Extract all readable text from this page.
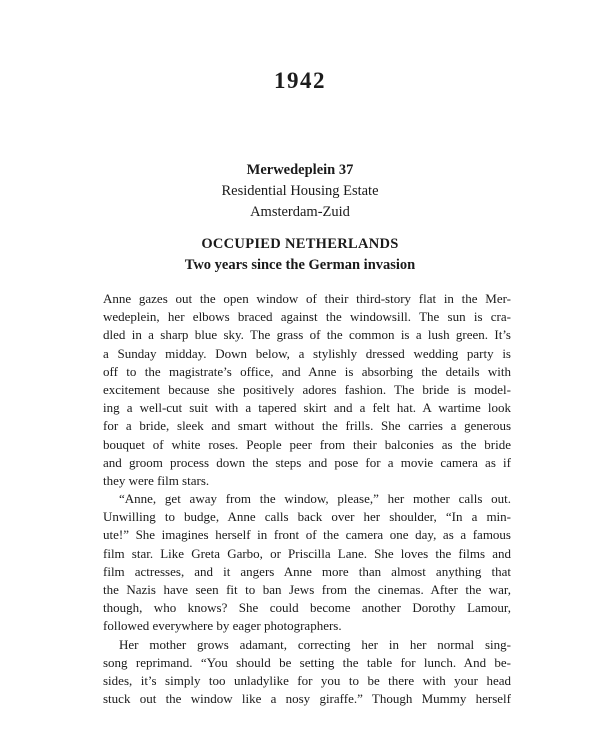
1942
Merwedeplein 37
Residential Housing Estate
Amsterdam-Zuid
OCCUPIED NETHERLANDS
Two years since the German invasion
Anne gazes out the open window of their third-story flat in the Mer-
wedeplein, her elbows braced against the windowsill. The sun is cra-
dled in a sharp blue sky. The grass of the common is a lush green. It’s
a Sunday midday. Down below, a stylishly dressed wedding party is
off to the magistrate’s office, and Anne is absorbing the details with
excitement because she positively adores fashion. The bride is model-
ing a well-cut suit with a tapered skirt and a felt hat. A wartime look
for a bride, sleek and smart without the frills. She carries a generous
bouquet of white roses. People peer from their balconies as the bride
and groom process down the steps and pose for a movie camera as if
they were film stars.
“Anne, get away from the window, please,” her mother calls out.
Unwilling to budge, Anne calls back over her shoulder, “In a min-
ute!” She imagines herself in front of the camera one day, as a famous
film star. Like Greta Garbo, or Priscilla Lane. She loves the films and
film actresses, and it angers Anne more than almost anything that
the Nazis have seen fit to ban Jews from the cinemas. After the war,
though, who knows? She could become another Dorothy Lamour,
followed everywhere by eager photographers.
Her mother grows adamant, correcting her in her normal sing-
song reprimand. “You should be setting the table for lunch. And be-
sides, it’s simply too unladylike for you to be there with your head
stuck out the window like a nosy giraffe.” Though Mummy herself
